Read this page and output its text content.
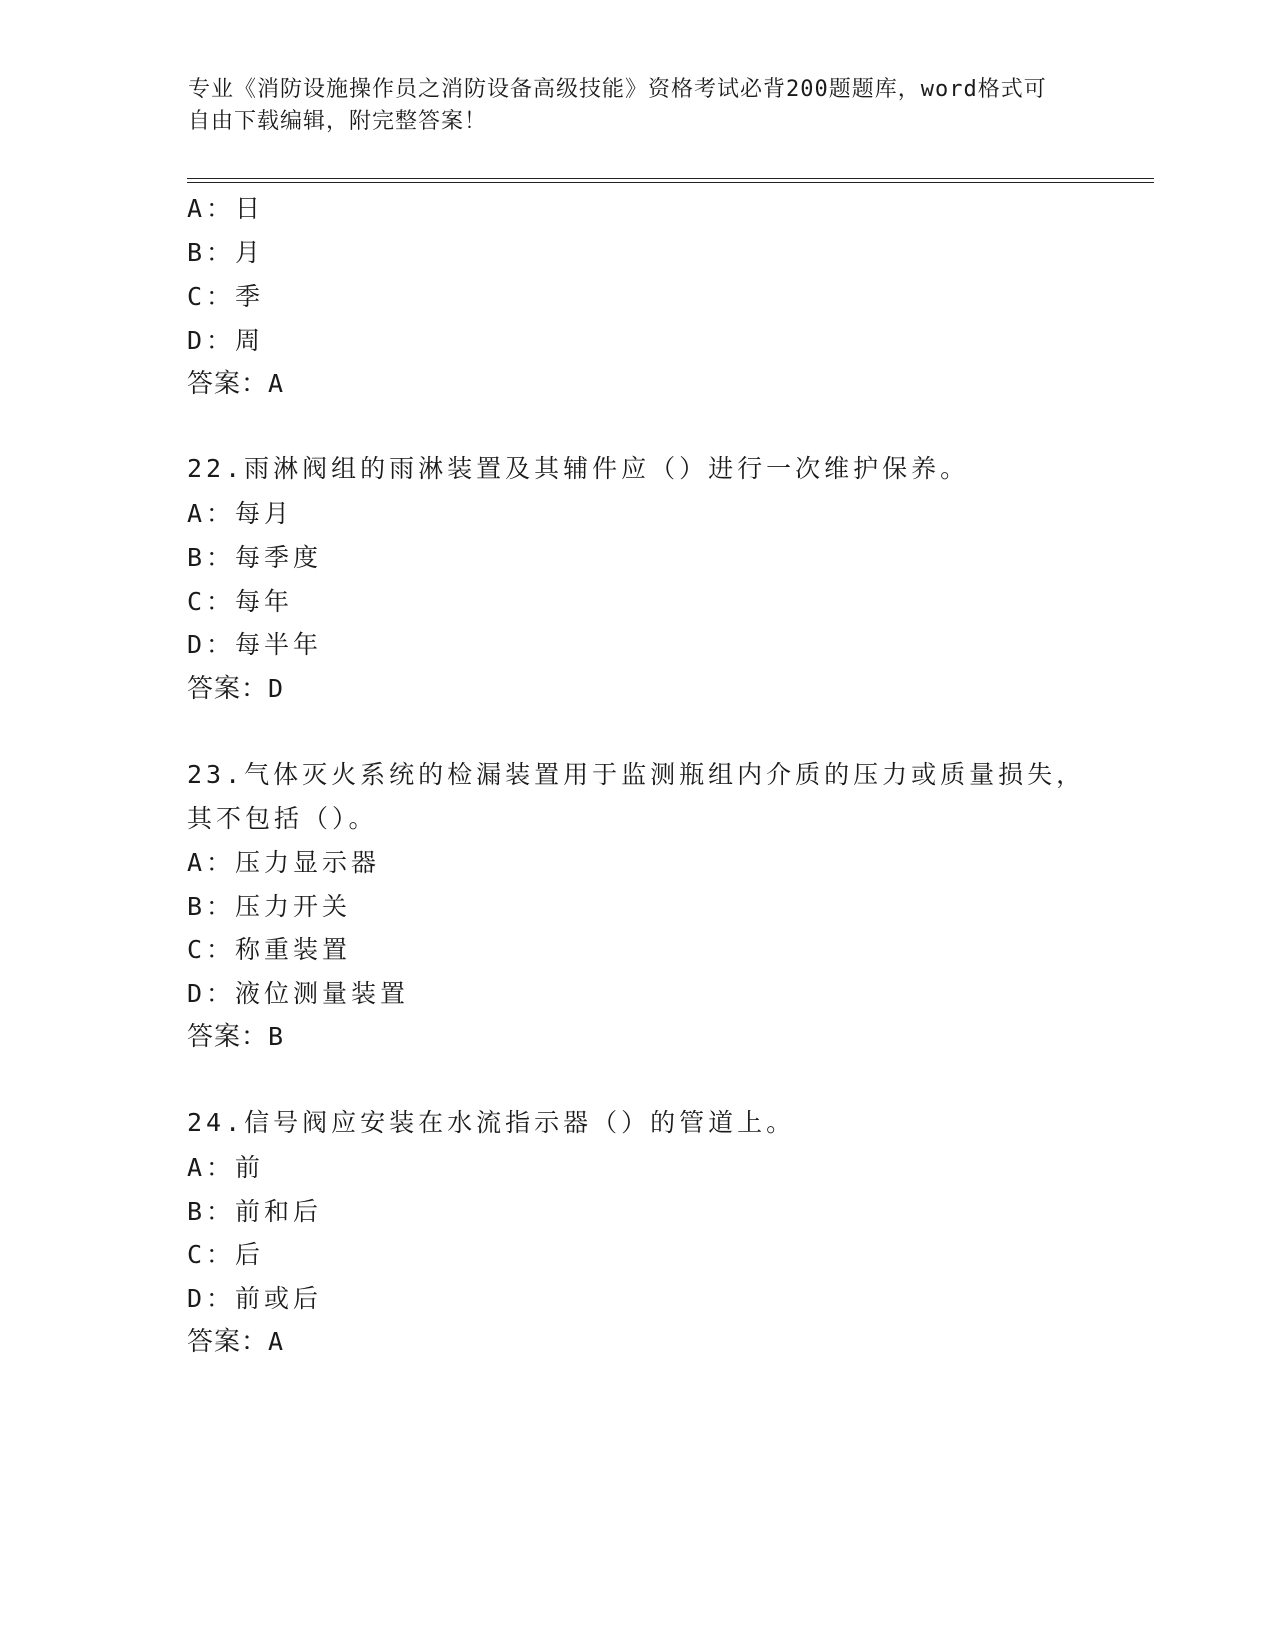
专业《消防设施操作员之消防设备高级技能》资格考试必背200题题库，word格式可自由下载编辑，附完整答案！
A：日
B：月
C：季
D：周
答案：A
22.雨淋阀组的雨淋装置及其辅件应（）进行一次维护保养。
A：每月
B：每季度
C：每年
D：每半年
答案：D
23.气体灭火系统的检漏装置用于监测瓶组内介质的压力或质量损失，
其不包括（）。
A：压力显示器
B：压力开关
C：称重装置
D：液位测量装置
答案：B
24.信号阀应安装在水流指示器（）的管道上。
A：前
B：前和后
C：后
D：前或后
答案：A
